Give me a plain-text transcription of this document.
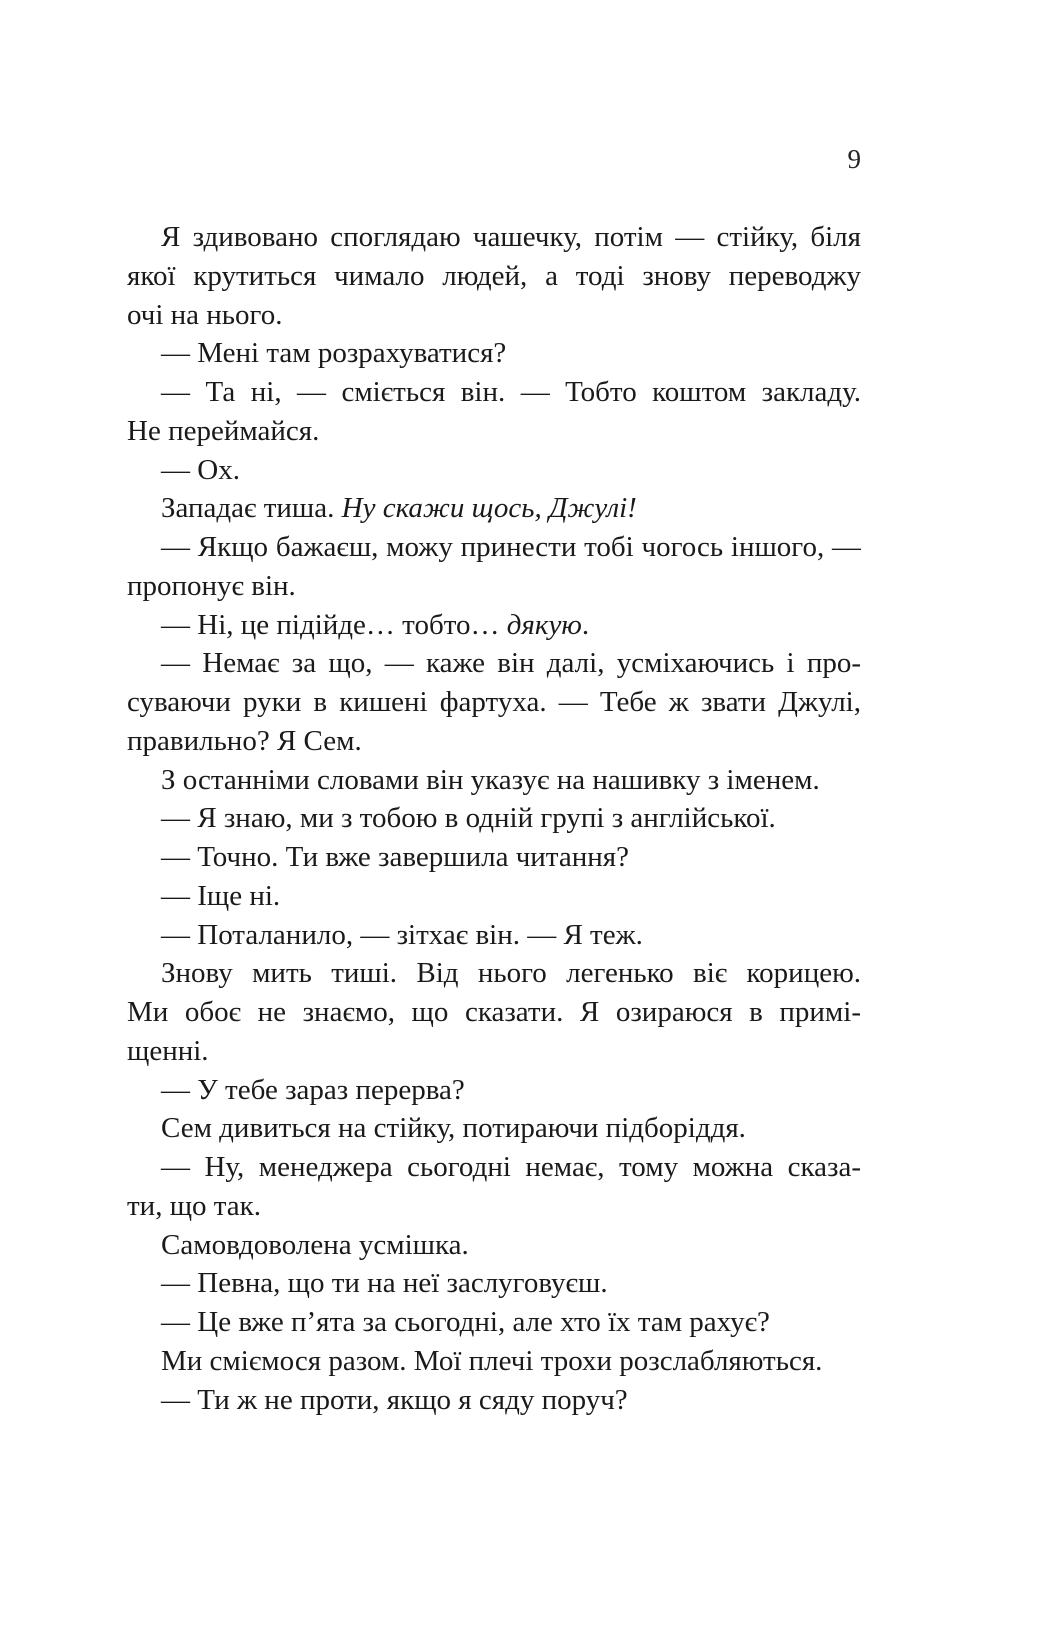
9
Я здивовано споглядаю чашечку, потім — стійку, біля
якої крутиться чимало людей, а тоді знову переводжу
очі на нього.
— Мені там розрахуватися?
— Та ні, — сміється він. — Тобто коштом закладу.
Не переймайся.
— Ох.
Западає тиша. Ну скажи щось, Джулі!
— Якщо бажаєш, можу принести тобі чогось іншого, —
пропонує він.
— Ні, це підійде… тобто… дякую.
— Немає за що, — каже він далі, усміхаючись і про-
суваючи руки в кишені фартуха. — Тебе ж звати Джулі,
правильно? Я Сем.
З останніми словами він указує на нашивку з іменем.
— Я знаю, ми з тобою в одній групі з англійської.
— Точно. Ти вже завершила читання?
— Іще ні.
— Поталанило, — зітхає він. — Я теж.
Знову мить тиші. Від нього легенько віє корицею.
Ми обоє не знаємо, що сказати. Я озираюся в примі-
щенні.
— У тебе зараз перерва?
Сем дивиться на стійку, потираючи підборіддя.
— Ну, менеджера сьогодні немає, тому можна сказа-
ти, що так.
Самовдоволена усмішка.
— Певна, що ти на неї заслуговуєш.
— Це вже п’ята за сьогодні, але хто їх там рахує?
Ми сміємося разом. Мої плечі трохи розслабляються.
— Ти ж не проти, якщо я сяду поруч?
